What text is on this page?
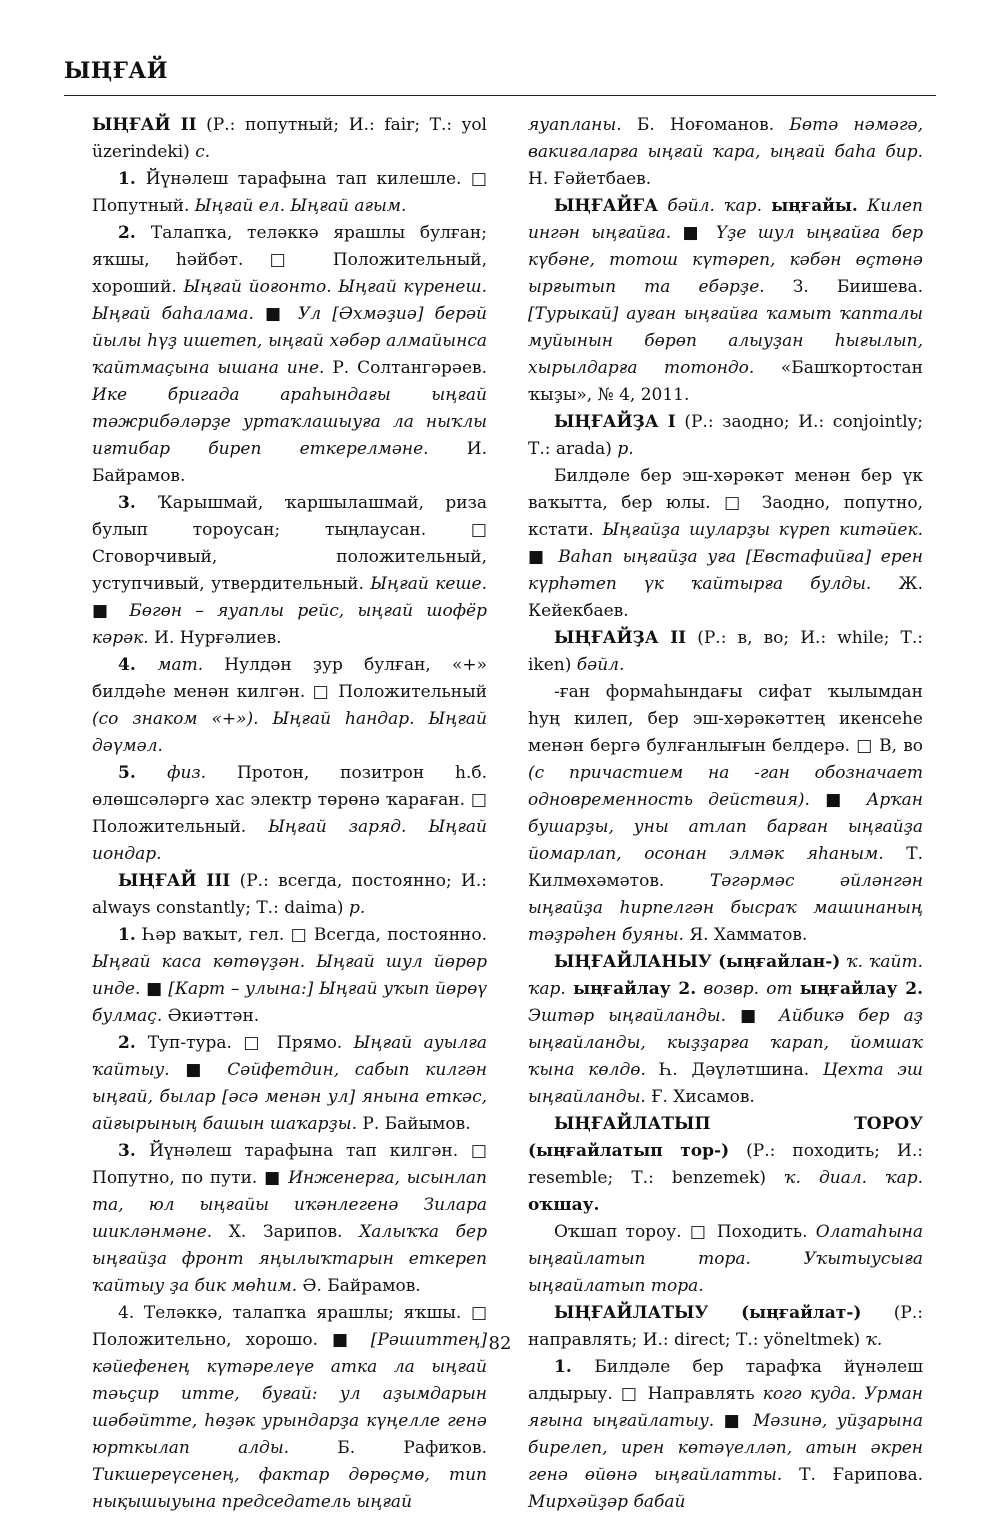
ЫҢҒАЙ

ЫҢҒАЙ II (Р.: попутный; И.: fair; Т.: yol üzerindeki) с.

1. Йүнәлеш тарафына тап килешле. □ Попутный. Ыңғай ел. Ыңғай ағым.

2. Талапҡа, теләккә ярашлы булған; яҡшы, һәйбәт. □ Положительный, хороший. Ыңғай йоғонто. Ыңғай күренеш. Ыңғай баһалама. ■ Ул [Әхмәҙиә] берәй йылы һүҙ ишетеп, ыңғай хәбәр алмайынса ҡайтмаҫына ышана ине. Р. Солтангәрәев. Ике бригада араһындағы ыңғай тәжрибәләрҙе уртаҡлашыуға ла ныҡлы иғтибар биреп еткерелмәне. И. Байрамов.

3. Ҡарышмай, ҡаршылашмай, риза булып тороусан; тыңлаусан. □ Сговорчивый, положительный, уступчивый, утвердительный. Ыңғай кеше. ■ Бөгөн – яуаплы рейс, ыңғай шофёр кәрәк. И. Нурғәлиев.

4. мат. Нулдән ҙур булған, «+» билдәһе менән килгән. □ Положительный (со знаком «+»). Ыңғай һандар. Ыңғай дәүмәл.

5. физ. Протон, позитрон һ.б. өлөшсәләргә хас электр төрөнә ҡараған. □ Положительный. Ыңғай заряд. Ыңғай иондар.

ЫҢҒАЙ III (Р.: всегда, постоянно; И.: always constantly; Т.: daima) р.

1. Һәр ваҡыт, гел. □ Всегда, постоянно. Ыңғай каса көтөүҙән. Ыңғай шул йөрөр инде. ■ [Карт – улына:] Ыңғай уҡып йөрөү булмаҫ. Әкиәттән.

2. Туп-тура. □ Прямо. Ыңғай ауылға ҡайтыу. ■ Сәйфетдин, сабып килгән ыңғай, былар [әсә менән ул] янына еткәс, айғырының башын шаҡарҙы. Р. Байымов.

3. Йүнәлеш тарафына тап килгән. □ Попутно, по пути. ■ Инженерға, ысынлап та, юл ыңғайы иҡәнлегенә Зилара шикләнмәне. Х. Зарипов. Халыҡҡа бер ыңғайҙа фронт яңылыҡтарын еткереп ҡайтыу ҙа бик мөһим. Ә. Байрамов.

4. Теләккә, талапҡа ярашлы; яҡшы. □ Положительно, хорошо. ■ [Рәшиттең] кәйефенең күтәрелеүе атка ла ыңғай тәьҫир итте, буғай: ул аҙымдарын шәбәйтте, һөҙәк урындарҙа күңелле генә юрткылап алды. Б. Рафиҡов. Тикшереүсенең, фактар дөрөҫмө, тип нықышыуына председатель ыңғай

яуапланы. Б. Ноғоманов. Бөтә нәмәгә, вакиғаларға ыңғай ҡара, ыңғай баһа бир. Н. Ғәйетбаев.

ЫҢҒАЙҒА бәйл. ҡар. ыңғайы. Килеп ингән ыңғайға. ■ Үҙе шул ыңғайға бер күбәне, тотош күтәреп, кәбән өҫтөнә ырғытып та ебәрҙе. З. Биишева. [Турыкай] ауған ыңғайға ҡамыт ҡапталы муйынын бөрөп алыуҙан һығылып, хырылдарға тотондо. «Башҡортостан ҡыҙы», № 4, 2011.

ЫҢҒАЙҘА I (Р.: заодно; И.: conjointly; Т.: arada) р.

Билдәле бер эш-хәрәкәт менән бер үк ваҡытта, бер юлы. □ Заодно, попутно, кстати. Ыңғайҙа шуларҙы күреп китәйек. ■ Ваһап ыңғайҙа уға [Евстафийға] ерен күрһәтеп үк ҡайтырға булды. Ж. Кейекбаев.

ЫҢҒАЙҘА II (Р.: в, во; И.: while; Т.: iken) бәйл.

-ған формаһындағы сифат ҡылымдан һуң килеп, бер эш-хәрәкәттең икенсеһе менән бергә булғанлығын белдерә. □ В, во (с причастием на -ган обозначает одновременность действия). ■ Арҡан бушарҙы, уны атлап барған ыңғайҙа йомарлап, осонан элмәк яһаным. Т. Килмөхәмәтов. Тәгәрмәс әйләнгән ыңғайҙа һирпелгән бысраҡ машинаның тәҙрәһен буяны. Я. Хамматов.

ЫҢҒАЙЛАНЫУ (ыңғайлан-) ҡ. ҡайт. ҡар. ыңғайлау 2. возвр. от ыңғайлау 2. Эштәр ыңғайланды. ■ Айбикә бер аҙ ыңғайланды, кыҙҙарға ҡарап, йомшаҡ ҡына көлдө. Һ. Дәүләтшина. Цехта эш ыңғайланды. Ғ. Хисамов.

ЫҢҒАЙЛАТЫП ТОРОУ (ыңғайлатып тор-) (Р.: походить; И.: resemble; Т.: benzemek) ҡ. диал. ҡар. оҡшау.

Оҡшап тороу. □ Походить. Олатаһына ыңғайлатып тора. Уҡытыусыға ыңғайлатып тора.

ЫҢҒАЙЛАТЫУ (ыңғайлат-) (Р.: направлять; И.: direct; Т.: yöneltmek) ҡ.

1. Билдәле бер тарафҡа йүнәлеш алдырыу. □ Направлять кого куда. Урман яғына ыңғайлатыу. ■ Мәзинә, уйҙарына бирелеп, ирен көтәүелләп, атын әкрен генә өйөнә ыңғайлатты. Т. Ғарипова. Мирхәйҙәр бабай

82
